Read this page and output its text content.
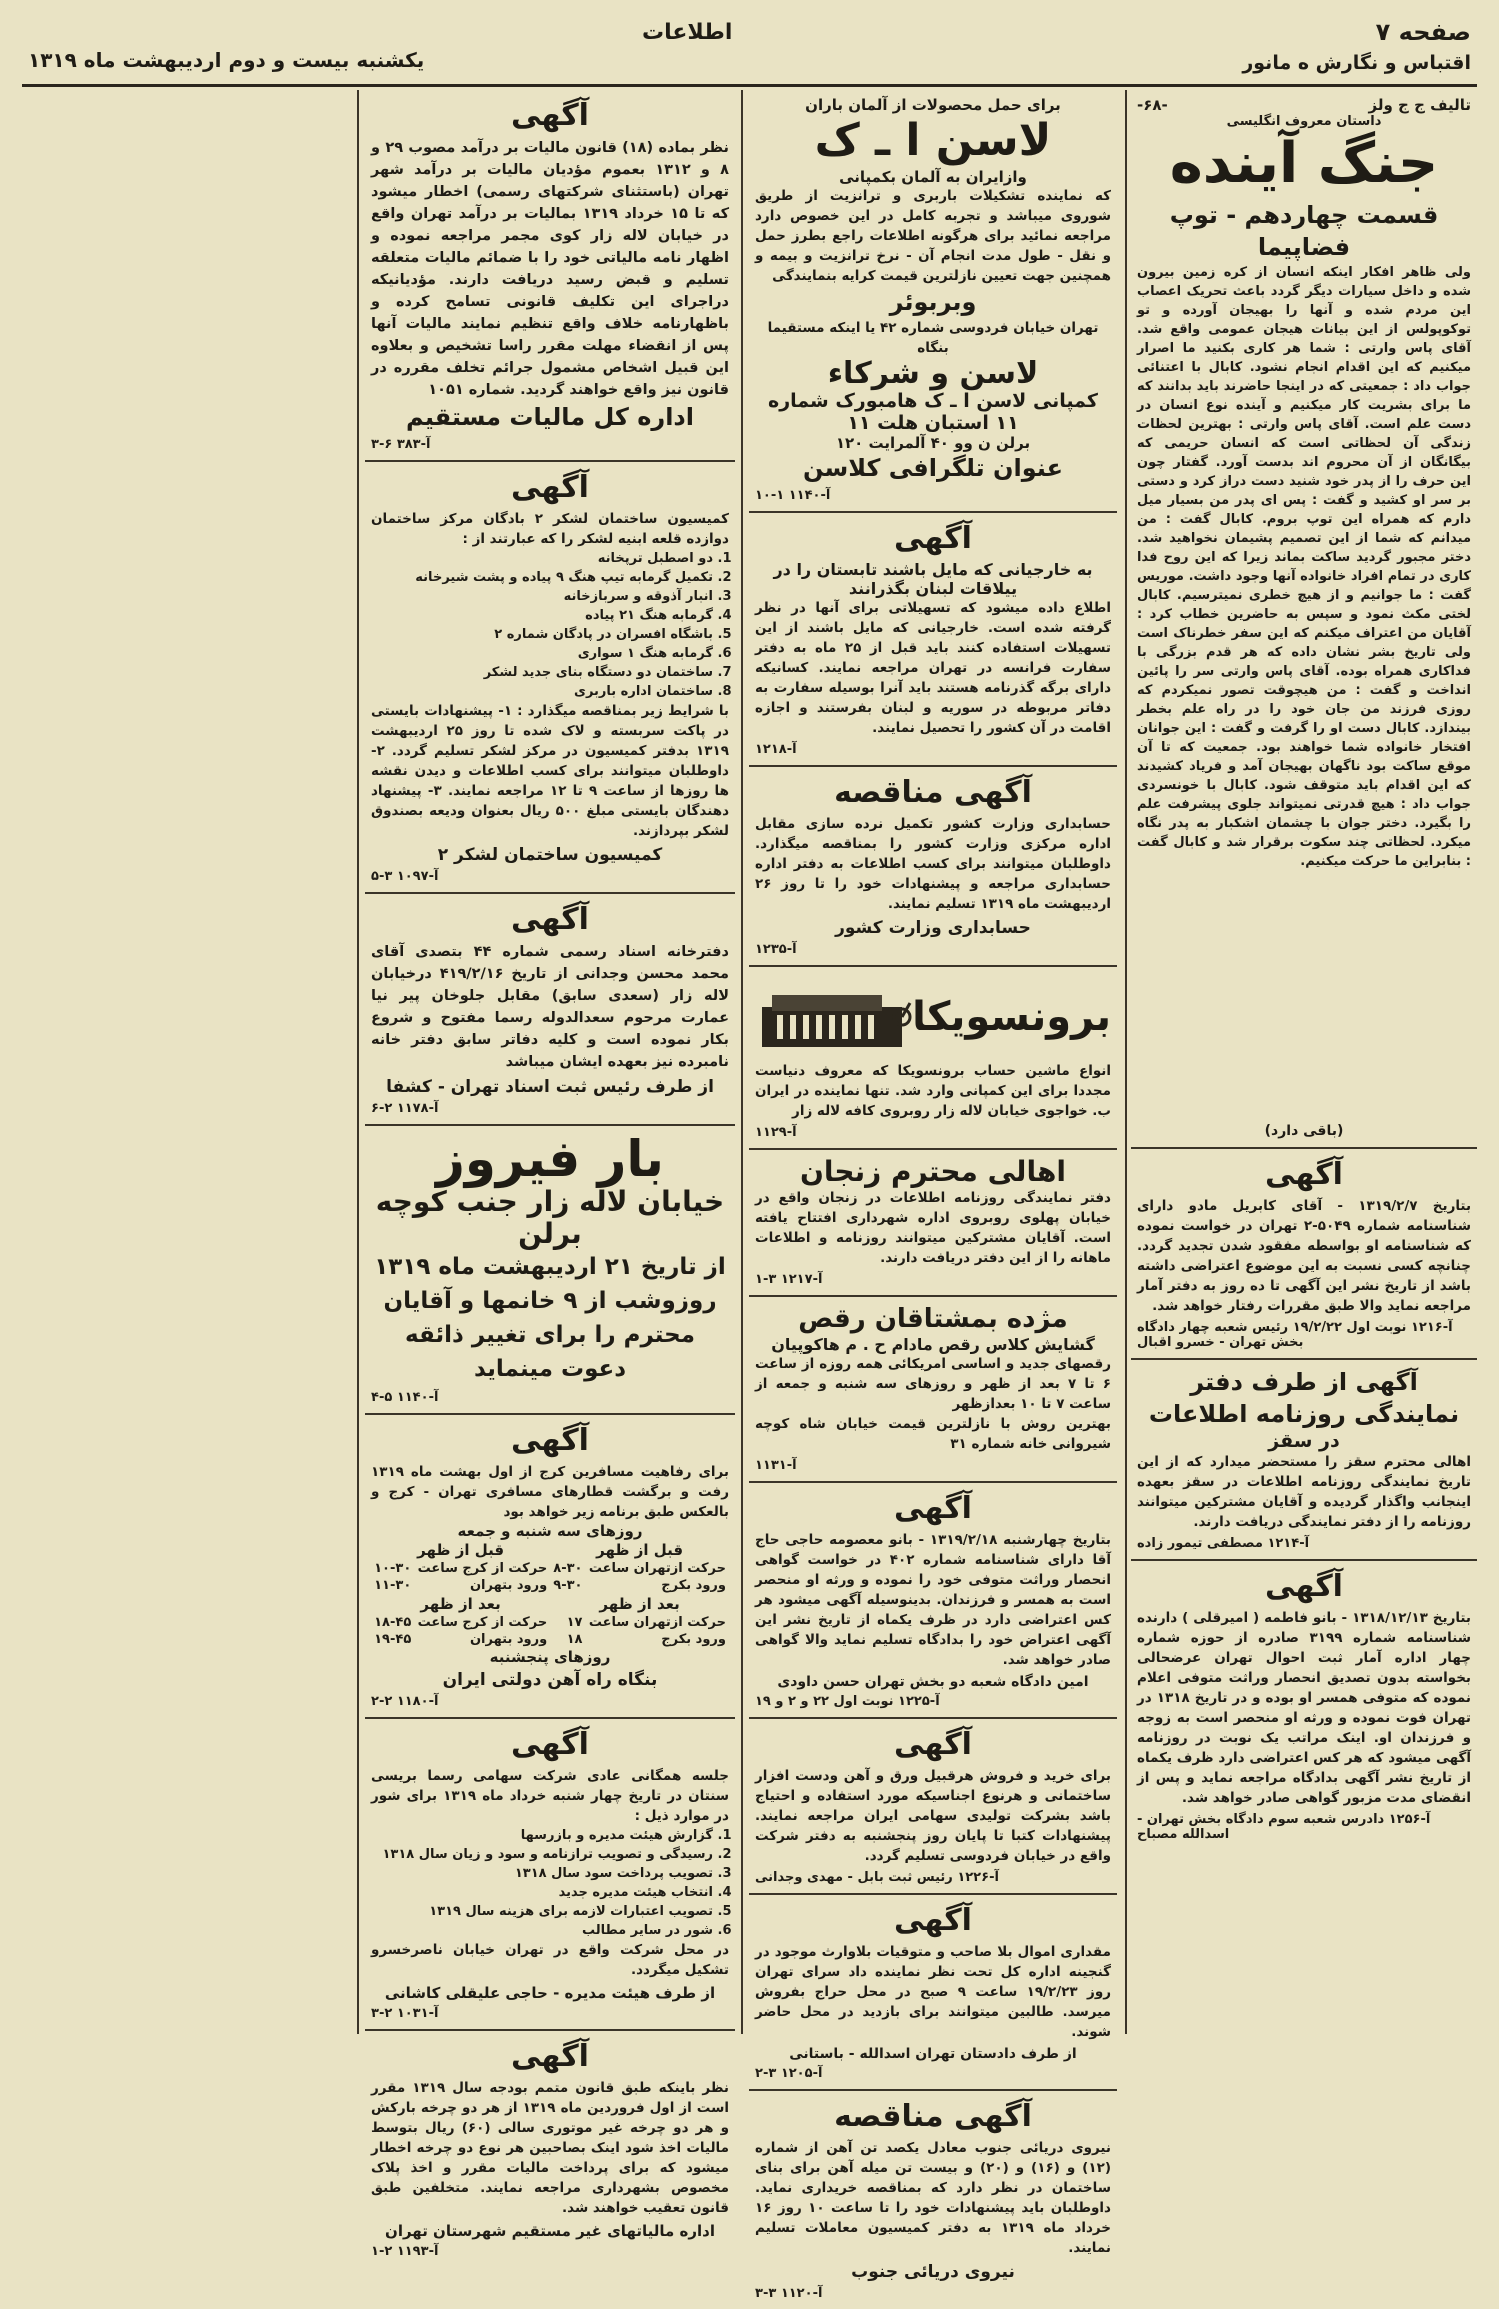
صفحه ۷
اطلاعات
یکشنبه بیست و دوم اردیبهشت ماه ۱۳۱۹	اقتباس و نگارش ه مانور
تالیف ج ج ولز
-۶۸-
داستان معروف انگلیسی
جنگ آینده
قسمت چهاردهم - توپ فضاپیما
ولی ظاهر افکار اینکه انسان از کره زمین بیرون شده و داخل سیارات دیگر گردد باعث تحریک اعصاب این مردم شده و آنها را بهیجان آورده و تو توکوپولس از این بیانات هیجان عمومی واقع شد. آقای پاس وارتی : شما هر کاری بکنید ما اصرار میکنیم که این اقدام انجام نشود. کابال با اعتنائی جواب داد : جمعیتی که در اینجا حاضرند باید بدانند که ما برای بشریت کار میکنیم و آینده نوع انسان در دست علم است. آقای پاس وارتی : بهترین لحظات زندگی آن لحظاتی است که انسان حریمی که بیگانگان از آن محروم اند بدست آورد. گفتار چون این حرف را از پدر خود شنید دست دراز کرد و دستی بر سر او کشید و گفت : پس ای پدر من بسیار میل دارم که همراه این توپ بروم. کابال گفت : من میدانم که شما از این تصمیم پشیمان نخواهید شد. دختر مجبور گردید ساکت بماند زیرا که این روح فدا کاری در تمام افراد خانواده آنها وجود داشت. موریس گفت : ما جوانیم و از هیچ خطری نمیترسیم. کابال لختی مکث نمود و سپس به حاضرین خطاب کرد : آقایان من اعتراف میکنم که این سفر خطرناک است ولی تاریخ بشر نشان داده که هر قدم بزرگی با فداکاری همراه بوده. آقای پاس وارتی سر را پائین انداخت و گفت : من هیچوقت تصور نمیکردم که روزی فرزند من جان خود را در راه علم بخطر بیندازد. کابال دست او را گرفت و گفت : این جوانان افتخار خانواده شما خواهند بود. جمعیت که تا آن موقع ساکت بود ناگهان بهیجان آمد و فریاد کشیدند که این اقدام باید متوقف شود. کابال با خونسردی جواب داد : هیچ قدرتی نمیتواند جلوی پیشرفت علم را بگیرد. دختر جوان با چشمان اشکبار به پدر نگاه میکرد. لحظاتی چند سکوت برقرار شد و کابال گفت : بنابراین ما حرکت میکنیم.
(باقی دارد)
آگهی
بتاریخ ۱۳۱۹/۲/۷ - آقای کابریل مادو دارای شناسنامه شماره ۵۰۴۹-۲ تهران در خواست نموده که شناسنامه او بواسطه مفقود شدن تجدید گردد. چنانچه کسی نسبت به این موضوع اعتراضی داشته باشد از تاریخ نشر این آگهی تا ده روز به دفتر آمار مراجعه نماید والا طبق مقررات رفتار خواهد شد.
آ-۱۲۱۶ نوبت اول ۱۹/۲/۲۲ رئیس شعبه چهار دادگاه بخش تهران - خسرو اقبال
آگهی از طرف دفتر نمایندگی روزنامه اطلاعات
در سقز
اهالی محترم سقز را مستحضر میدارد که از این تاریخ نمایندگی روزنامه اطلاعات در سقز بعهده اینجانب واگذار گردیده و آقایان مشترکین میتوانند روزنامه را از دفتر نمایندگی دریافت دارند.
آ-۱۲۱۴ مصطفی تیمور زاده
آگهی
بتاریخ ۱۳۱۸/۱۲/۱۳ - بانو فاطمه ( امیرقلی ) دارنده شناسنامه شماره ۳۱۹۹ صادره از حوزه شماره چهار اداره آمار ثبت احوال تهران عرضحالی بخواسته بدون تصدیق انحصار وراثت متوفی اعلام نموده که متوفی همسر او بوده و در تاریخ ۱۳۱۸ در تهران فوت نموده و ورثه او منحصر است به زوجه و فرزندان او. اینک مراتب یک نوبت در روزنامه آگهی میشود که هر کس اعتراضی دارد ظرف یکماه از تاریخ نشر آگهی بدادگاه مراجعه نماید و پس از انقضای مدت مزبور گواهی صادر خواهد شد.
آ-۱۲۵۶ دادرس شعبه سوم دادگاه بخش تهران - اسدالله مصباح
برای حمل محصولات از آلمان باران
لاسن ا ـ ک
وازایران به آلمان بکمپانی
که نماینده تشکیلات باربری و ترانزیت از طریق شوروی میباشد و تجربه کامل در این خصوص دارد مراجعه نمائید برای هرگونه اطلاعات راجع بطرز حمل و نقل - طول مدت انجام آن - نرخ ترانزیت و بیمه و همچنین جهت تعیین نازلترین قیمت کرایه بنمایندگی
وبربوئر
تهران خیابان فردوسی شماره ۴۲ یا اینکه مستقیما بنگاه
لاسن و شرکاء
کمپانی لاسن ا ـ ک هامبورک شماره ۱۱ استبان هلت ۱۱
برلن ن وو ۴۰ آلمرایت ۱۲۰
عنوان تلگرافی کلاسن
آ-۱۱۴۰ ۱-۱۰
آگهی
به خارجیانی که مایل باشند تابستان را در ییلاقات لبنان بگذرانند
اطلاع داده میشود که تسهیلاتی برای آنها در نظر گرفته شده است. خارجیانی که مایل باشند از این تسهیلات استفاده کنند باید قبل از ۲۵ ماه به دفتر سفارت فرانسه در تهران مراجعه نمایند. کسانیکه دارای برگه گذرنامه هستند باید آنرا بوسیله سفارت به دفاتر مربوطه در سوریه و لبنان بفرستند و اجازه اقامت در آن کشور را تحصیل نمایند.
آ-۱۲۱۸
آگهی مناقصه
حسابداری وزارت کشور تکمیل نرده سازی مقابل اداره مرکزی وزارت کشور را بمناقصه میگذارد. داوطلبان میتوانند برای کسب اطلاعات به دفتر اداره حسابداری مراجعه و پیشنهادات خود را تا روز ۲۶ اردیبهشت ماه ۱۳۱۹ تسلیم نمایند.
حسابداری وزارت کشور
آ-۱۲۳۵
برونسویکا
انواع ماشین حساب برونسویکا که معروف دنیاست مجددا برای این کمپانی وارد شد. تنها نماینده در ایران ب. خواجوی خیابان لاله زار روبروی کافه لاله زار
آ-۱۱۲۹
اهالی محترم زنجان
دفتر نمایندگی روزنامه اطلاعات در زنجان واقع در خیابان پهلوی روبروی اداره شهرداری افتتاح یافته است. آقایان مشترکین میتوانند روزنامه و اطلاعات ماهانه را از این دفتر دریافت دارند.
آ-۱۲۱۷ ۳-۱
مژده بمشتاقان رقص
گشایش کلاس رقص مادام ح . م هاکوپیان
رقصهای جدید و اساسی امریکائی همه روزه از ساعت ۶ تا ۷ بعد از ظهر و روزهای سه شنبه و جمعه از ساعت ۷ تا ۱۰ بعدازظهر
بهترین روش با نازلترین قیمت خیابان شاه کوچه شیروانی خانه شماره ۳۱
آ-۱۱۳۱
آگهی
بتاریخ چهارشنبه ۱۳۱۹/۲/۱۸ - بانو معصومه حاجی حاج آقا دارای شناسنامه شماره ۴۰۲ در خواست گواهی انحصار وراثت متوفی خود را نموده و ورثه او منحصر است به همسر و فرزندان. بدینوسیله آگهی میشود هر کس اعتراضی دارد در ظرف یکماه از تاریخ نشر این آگهی اعتراض خود را بدادگاه تسلیم نماید والا گواهی صادر خواهد شد.
امین دادگاه شعبه دو بخش تهران حسن داودی
آ-۱۲۲۵ نوبت اول ۲۲ و ۲ و ۱۹
آگهی
برای خرید و فروش هرقبیل ورق و آهن ودست افزار ساختمانی و هرنوع اجناسیکه مورد استفاده و احتیاج باشد بشرکت تولیدی سهامی ایران مراجعه نمایند. پیشنهادات کتبا تا پایان روز پنجشنبه به دفتر شرکت واقع در خیابان فردوسی تسلیم گردد.
آ-۱۲۲۶ رئیس ثبت بابل - مهدی وجدانی
آگهی
مقداری اموال بلا صاحب و متوقیات بلاوارث موجود در گنجینه اداره کل تحت نظر نماینده داد سرای تهران روز ۱۹/۲/۲۳ ساعت ۹ صبح در محل حراج بفروش میرسد. طالبین میتوانند برای بازدید در محل حاضر شوند.
از طرف دادستان تهران اسدالله - باستانی
آ-۱۲۰۵ ۳-۲
آگهی مناقصه
نیروی دریائی جنوب معادل یکصد تن آهن از شماره (۱۲) و (۱۶) و (۲۰) و بیست تن میله آهن برای بنای ساختمان در نظر دارد که بمناقصه خریداری نماید. داوطلبان باید پیشنهادات خود را تا ساعت ۱۰ روز ۱۶ خرداد ماه ۱۳۱۹ به دفتر کمیسیون معاملات تسلیم نمایند.
نیروی دریائی جنوب
آ-۱۱۲۰ ۳-۳
آگهی
نظر بماده (۱۸) قانون مالیات بر درآمد مصوب ۲۹ و ۸ و ۱۳۱۲ بعموم مؤدیان مالیات بر درآمد شهر تهران (باستثنای شرکتهای رسمی) اخطار میشود که تا ۱۵ خرداد ۱۳۱۹ بمالیات بر درآمد تهران واقع در خیابان لاله زار کوی مجمر مراجعه نموده و اظهار نامه مالیاتی خود را با ضمائم مالیات متعلقه تسلیم و قبض رسید دریافت دارند. مؤدیانیکه دراجرای این تکلیف قانونی تسامح کرده و باظهارنامه خلاف واقع تنظیم نمایند مالیات آنها پس از انقضاء مهلت مقرر راسا تشخیص و بعلاوه این قبیل اشخاص مشمول جرائم تخلف مقرره در قانون نیز واقع خواهند گردید. شماره ۱۰۵۱
اداره کل مالیات مستقیم
آ-۳۸۳ ۶-۳
آگهی
کمیسیون ساختمان لشکر ۲ بادگان مرکز ساختمان دوازده قلعه ابنیه لشکر را که عبارتند از :
1. دو اصطبل ترپخانه
2. تکمیل گرمابه تیپ هنگ ۹ پیاده و پشت شیرخانه
3. انبار آذوقه و سربازخانه
4. گرمابه هنگ ۲۱ پیاده
5. باشگاه افسران در پادگان شماره ۲
6. گرمابه هنگ ۱ سواری
7. ساختمان دو دستگاه بنای جدید لشکر
8. ساختمان اداره باربری
با شرایط زیر بمناقصه میگذارد : ۱- پیشنهادات بایستی در پاکت سربسته و لاک شده تا روز ۲۵ اردیبهشت ۱۳۱۹ بدفتر کمیسیون در مرکز لشکر تسلیم گردد. ۲- داوطلبان میتوانند برای کسب اطلاعات و دیدن نقشه ها روزها از ساعت ۹ تا ۱۲ مراجعه نمایند. ۳- پیشنهاد دهندگان بایستی مبلغ ۵۰۰ ریال بعنوان ودیعه بصندوق لشکر بپردازند.
کمیسیون ساختمان لشکر ۲
آ-۱۰۹۷ ۳-۵
آگهی
دفترخانه اسناد رسمی شماره ۴۴ بتصدی آقای محمد محسن وجدانی از تاریخ ۴۱۹/۲/۱۶ درخیابان لاله زار (سعدی سابق) مقابل جلوخان پیر نیا عمارت مرحوم سعدالدوله رسما مفتوح و شروع بکار نموده است و کلیه دفاتر سابق دفتر خانه نامبرده نیز بعهده ایشان میباشد
از طرف رئیس ثبت اسناد تهران - کشفا
آ-۱۱۷۸ ۲-۶
بار فیروز
خیابان لاله زار جنب کوچه برلن
از تاریخ ۲۱ اردیبهشت ماه ۱۳۱۹ روزوشب از ۹ خانمها و آقایان محترم را برای تغییر ذائقه دعوت مینماید
آ-۱۱۴۰ ۵-۴
آگهی
برای رفاهیت مسافرین کرج از اول بهشت ماه ۱۳۱۹ رفت و برگشت قطارهای مسافری تهران - کرج و بالعکس طبق برنامه زیر خواهد بود
روزهای سه شنبه و جمعه
قبل از ظهر		قبل از ظهر	
حرکت ازتهران ساعت	۸-۳۰	حرکت از کرج ساعت	۱۰-۳۰
ورود بکرج	۹-۳۰	ورود بتهران	۱۱-۳۰
بعد از ظهر		بعد از ظهر	
حرکت ازتهران ساعت	۱۷	حرکت از کرج ساعت	۱۸-۴۵
ورود بکرج	۱۸	ورود بتهران	۱۹-۴۵
روزهای پنجشنبه
بنگاه راه آهن دولتی ایران
آ-۱۱۸۰ ۲-۲
آگهی
جلسه همگانی عادی شرکت سهامی رسما بریسی سنتان در تاریخ چهار شنبه خرداد ماه ۱۳۱۹ برای شور در موارد ذیل :
1. گزارش هیئت مدیره و بازرسها
2. رسیدگی و تصویب ترازنامه و سود و زیان سال ۱۳۱۸
3. تصویب پرداخت سود سال ۱۳۱۸
4. انتخاب هیئت مدیره جدید
5. تصویب اعتبارات لازمه برای هزینه سال ۱۳۱۹
6. شور در سایر مطالب
در محل شرکت واقع در تهران خیابان ناصرخسرو تشکیل میگردد.
از طرف هیئت مدیره - حاجی علیقلی کاشانی
آ-۱۰۳۱ ۲-۳
آگهی
نظر باینکه طبق قانون متمم بودجه سال ۱۳۱۹ مقرر است از اول فروردین ماه ۱۳۱۹ از هر دو چرخه بارکش و هر دو چرخه غیر موتوری سالی (۶۰) ریال بتوسط مالیات اخذ شود اینک بصاحبین هر نوع دو چرخه اخطار میشود که برای پرداخت مالیات مقرر و اخذ پلاک مخصوص بشهرداری مراجعه نمایند. متخلفین طبق قانون تعقیب خواهند شد.
اداره مالیاتهای غیر مستقیم شهرستان تهران
آ-۱۱۹۳ ۲-۱
